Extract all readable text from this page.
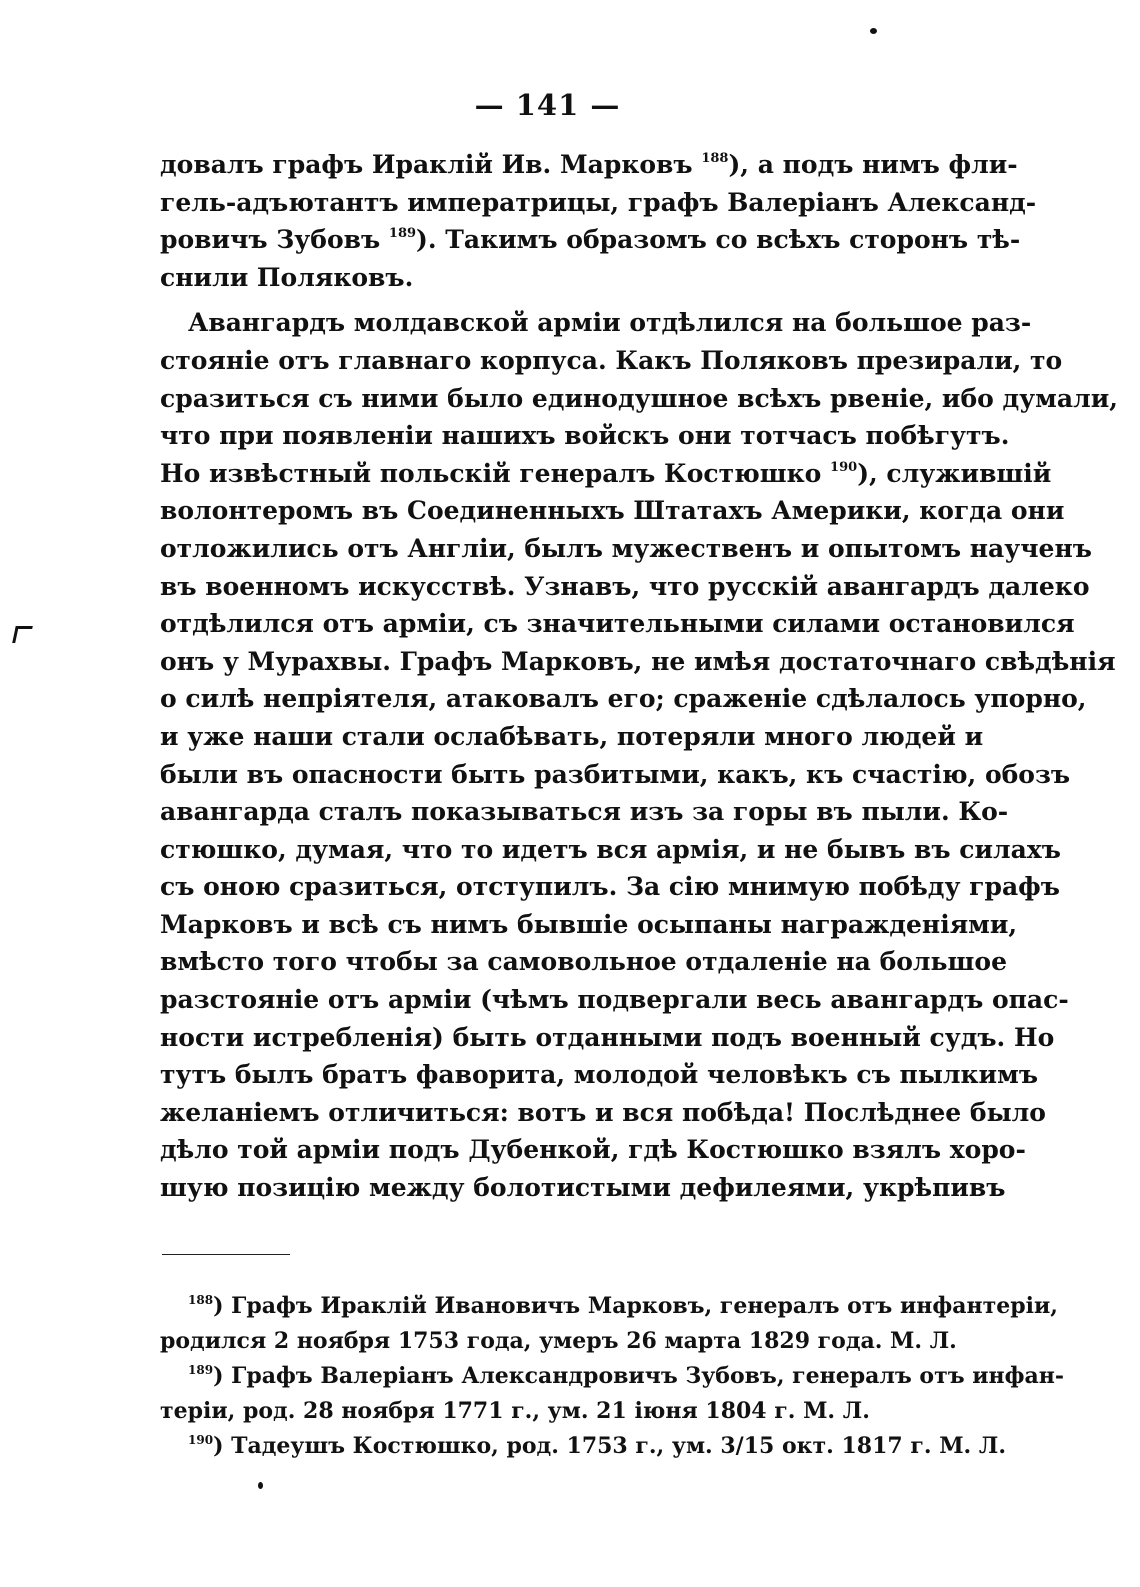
— 141 —
довалъ графъ Ираклій Ив. Марковъ $^{188}$), а подъ нимъ фли-
гель-адъютантъ императрицы, графъ Валеріанъ Александ-
ровичъ Зубовъ $^{189}$). Такимъ образомъ со всѣхъ сторонъ тѣ-
снили Поляковъ.
Авангардъ молдавской арміи отдѣлился на большое раз-
стояніе отъ главнаго корпуса. Какъ Поляковъ презирали, то
сразиться съ ними было единодушное всѣхъ рвеніе, ибо думали,
что при появленіи нашихъ войскъ они тотчасъ побѣгутъ.
Но извѣстный польскій генералъ Костюшко $^{190}$), служившій
волонтеромъ въ Соединенныхъ Штатахъ Америки, когда они
отложились отъ Англіи, былъ мужественъ и опытомъ наученъ
въ военномъ искусствѣ. Узнавъ, что русскій авангардъ далеко
отдѣлился отъ арміи, съ значительными силами остановился
онъ у Мурахвы. Графъ Марковъ, не имѣя достаточнаго свѣдѣнія
о силѣ непріятеля, атаковалъ его; сраженіе сдѣлалось упорно,
и уже наши стали ослабѣвать, потеряли много людей и
были въ опасности быть разбитыми, какъ, къ счастію, обозъ
авангарда сталъ показываться изъ за горы въ пыли. Ко-
стюшко, думая, что то идетъ вся армія, и не бывъ въ силахъ
съ оною сразиться, отступилъ. За сію мнимую побѣду графъ
Марковъ и всѣ съ нимъ бывшіе осыпаны награжденіями,
вмѣсто того чтобы за самовольное отдаленіе на большое
разстояніе отъ арміи (чѣмъ подвергали весь авангардъ опас-
ности истребленія) быть отданными подъ военный судъ. Но
тутъ былъ братъ фаворита, молодой человѣкъ съ пылкимъ
желаніемъ отличиться: вотъ и вся побѣда! Послѣднее было
дѣло той арміи подъ Дубенкой, гдѣ Костюшко взялъ хоро-
шую позицію между болотистыми дефилеями, укрѣпивъ
$^{188}$) Графъ Ираклій Ивановичъ Марковъ, генералъ отъ инфантеріи,
родился 2 ноября 1753 года, умеръ 26 марта 1829 года. М. Л.
$^{189}$) Графъ Валеріанъ Александровичъ Зубовъ, генералъ отъ инфан-
теріи, род. 28 ноября 1771 г., ум. 21 іюня 1804 г. М. Л.
$^{190}$) Тадеушъ Костюшко, род. 1753 г., ум. 3/15 окт. 1817 г. М. Л.
